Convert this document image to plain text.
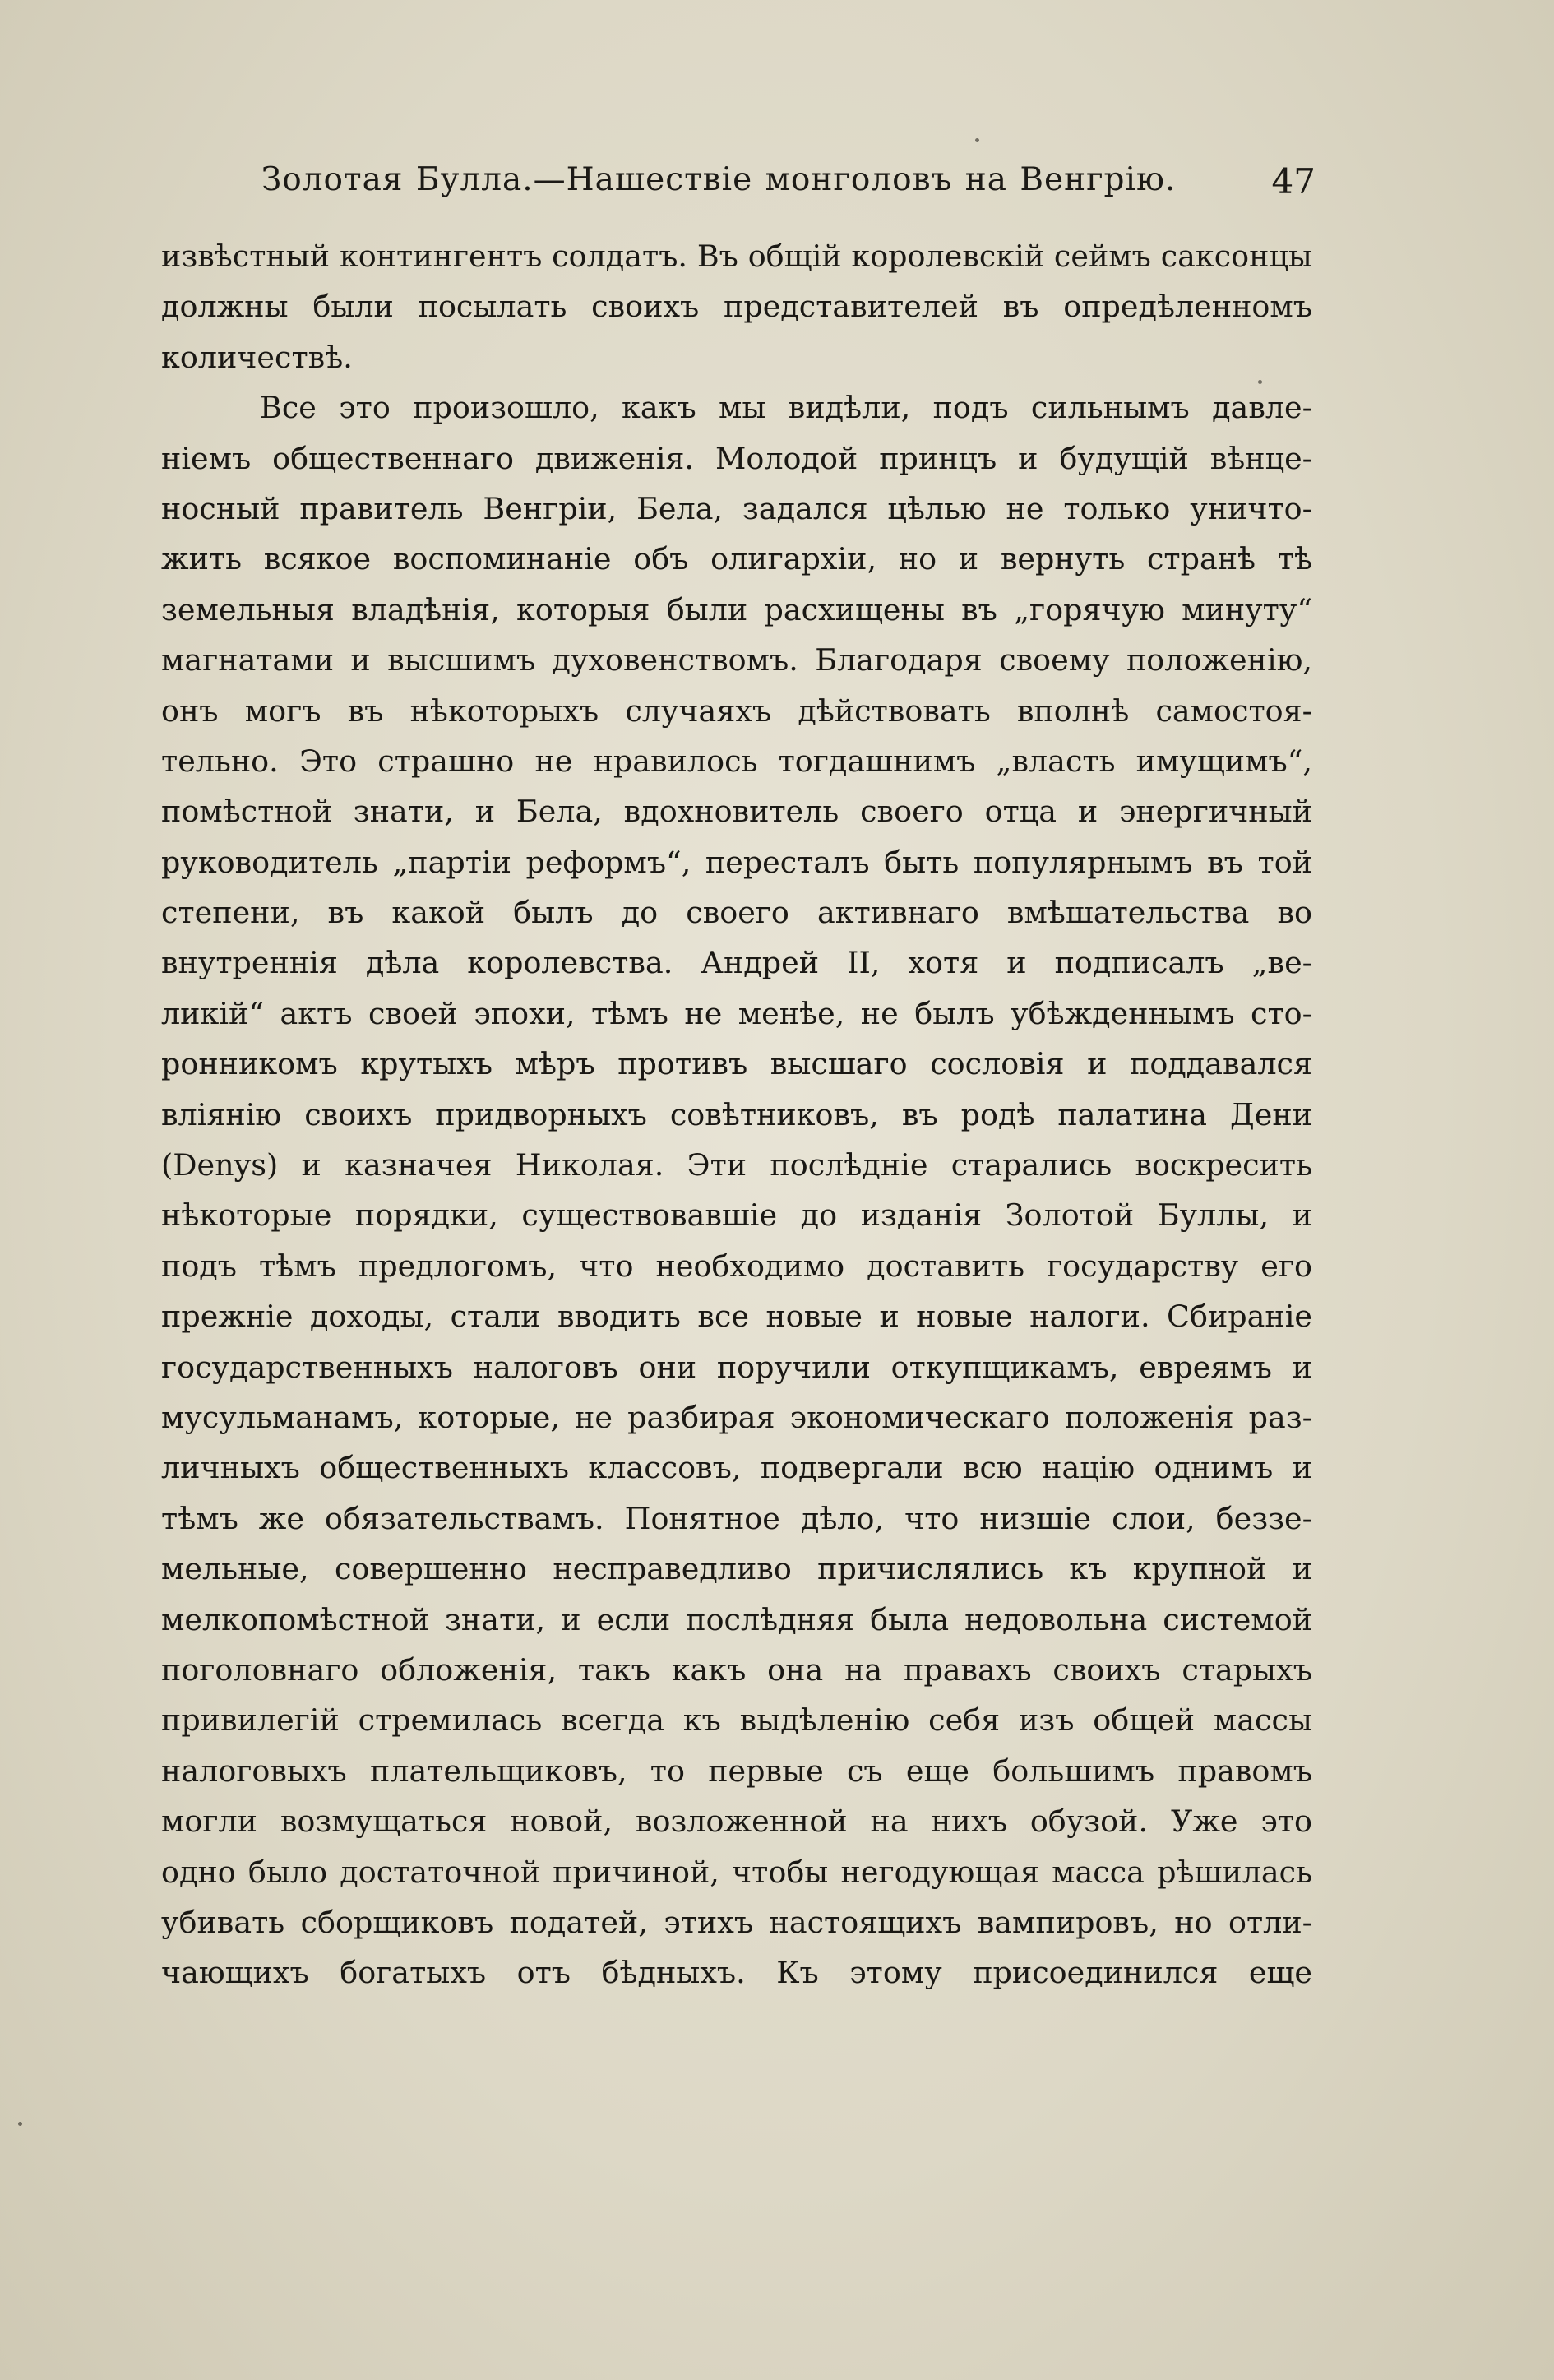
Золотая Булла.—Нашествіе монголовъ на Венгрію.	47
извѣстный контингентъ солдатъ. Въ общій королевскій сеймъ саксонцы
должны были посылать своихъ представителей въ опредѣленномъ
количествѣ.
Все это произошло, какъ мы видѣли, подъ сильнымъ давле-
ніемъ общественнаго движенія. Молодой принцъ и будущій вѣнце-
носный правитель Венгріи, Бела, задался цѣлью не только уничто-
жить всякое воспоминаніе объ олигархіи, но и вернуть странѣ тѣ
земельныя владѣнія, которыя были расхищены въ „горячую минуту“
магнатами и высшимъ духовенствомъ. Благодаря своему положенію,
онъ могъ въ нѣкоторыхъ случаяхъ дѣйствовать вполнѣ самостоя-
тельно. Это страшно не нравилось тогдашнимъ „власть имущимъ“,
помѣстной знати, и Бела, вдохновитель своего отца и энергичный
руководитель „партіи реформъ“, пересталъ быть популярнымъ въ той
степени, въ какой былъ до своего активнаго вмѣшательства во
внутреннія дѣла королевства. Андрей II, хотя и подписалъ „ве-
ликій“ актъ своей эпохи, тѣмъ не менѣе, не былъ убѣжденнымъ сто-
ронникомъ крутыхъ мѣръ противъ высшаго сословія и поддавался
вліянію своихъ придворныхъ совѣтниковъ, въ родѣ палатина Дени
(Denys) и казначея Николая. Эти послѣдніе старались воскресить
нѣкоторые порядки, существовавшіе до изданія Золотой Буллы, и
подъ тѣмъ предлогомъ, что необходимо доставить государству его
прежніе доходы, стали вводить все новые и новые налоги. Сбираніе
государственныхъ налоговъ они поручили откупщикамъ, евреямъ и
мусульманамъ, которые, не разбирая экономическаго положенія раз-
личныхъ общественныхъ классовъ, подвергали всю націю однимъ и
тѣмъ же обязательствамъ. Понятное дѣло, что низшіе слои, беззе-
мельные, совершенно несправедливо причислялись къ крупной и
мелкопомѣстной знати, и если послѣдняя была недовольна системой
поголовнаго обложенія, такъ какъ она на правахъ своихъ старыхъ
привилегій стремилась всегда къ выдѣленію себя изъ общей массы
налоговыхъ плательщиковъ, то первые съ еще большимъ правомъ
могли возмущаться новой, возложенной на нихъ обузой. Уже это
одно было достаточной причиной, чтобы негодующая масса рѣшилась
убивать сборщиковъ податей, этихъ настоящихъ вампировъ, но отли-
чающихъ богатыхъ отъ бѣдныхъ. Къ этому присоединился еще
